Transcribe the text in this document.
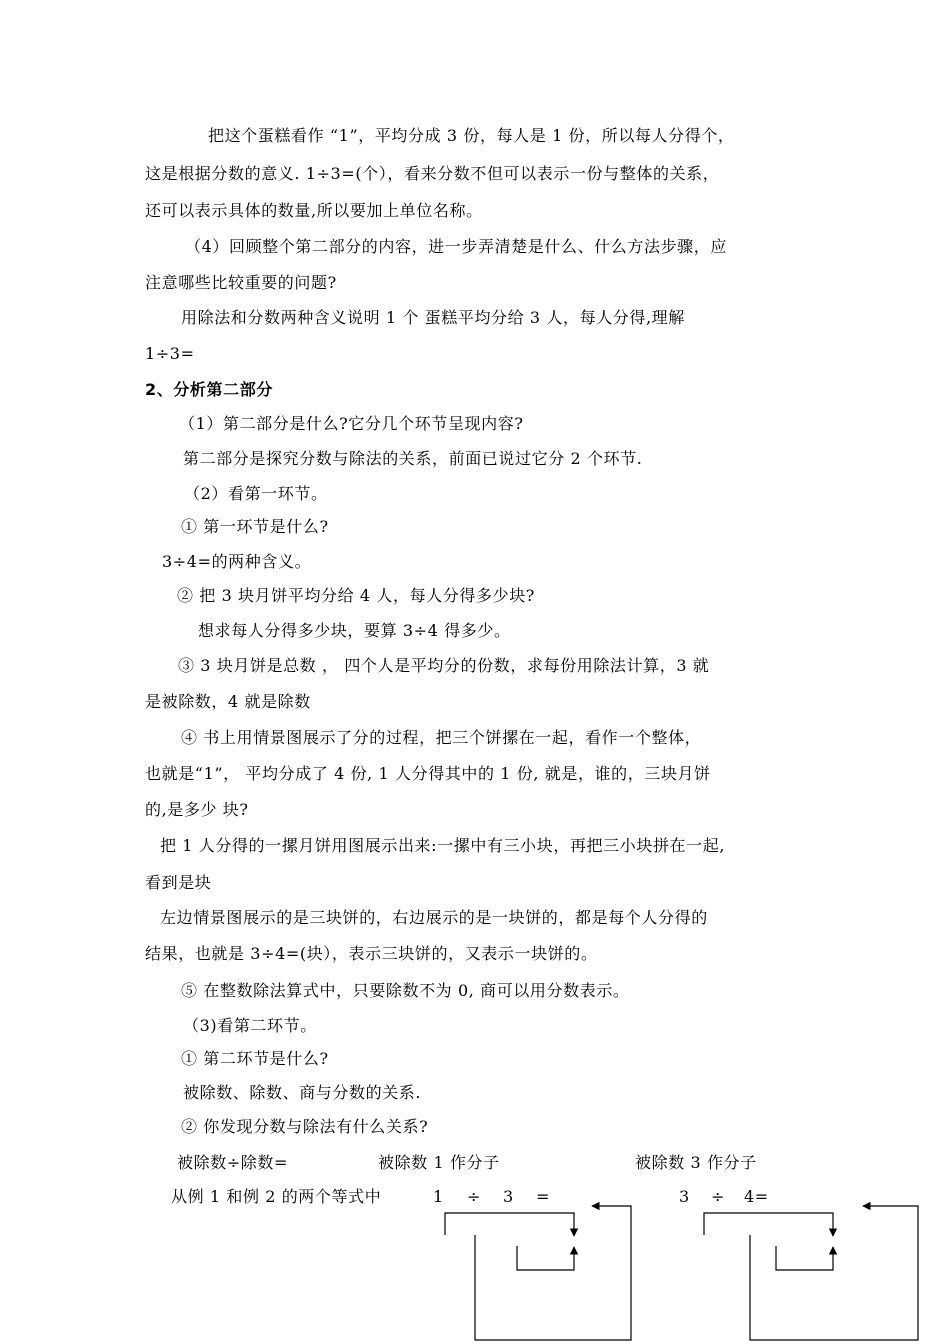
把这个蛋糕看作 “1”，平均分成 3 份，每人是 1 份，所以每人分得个，
这是根据分数的意义. 1÷3=(个），看来分数不但可以表示一份与整体的关系，
还可以表示具体的数量,所以要加上单位名称。
（4）回顾整个第二部分的内容，进一步弄清楚是什么、什么方法步骤，应
注意哪些比较重要的问题?
用除法和分数两种含义说明 1 个 蛋糕平均分给 3 人，每人分得,理解
1÷3=
2、分析第二部分
（1）第二部分是什么?它分几个环节呈现内容?
第二部分是探究分数与除法的关系，前面已说过它分 2 个环节.
（2）看第一环节。
① 第一环节是什么?
3÷4=的两种含义。
② 把 3 块月饼平均分给 4 人，每人分得多少块?
想求每人分得多少块，要算 3÷4 得多少。
③ 3 块月饼是总数 ， 四个人是平均分的份数，求每份用除法计算，3 就
是被除数，4 就是除数
④ 书上用情景图展示了分的过程，把三个饼摞在一起，看作一个整体，
也就是“1”， 平均分成了 4 份, 1 人分得其中的 1 份, 就是，谁的，三块月饼
的,是多少 块?
把 1 人分得的一摞月饼用图展示出来:一摞中有三小块，再把三小块拼在一起,
看到是块
左边情景图展示的是三块饼的，右边展示的是一块饼的，都是每个人分得的
结果，也就是 3÷4=(块），表示三块饼的，又表示一块饼的。
⑤ 在整数除法算式中，只要除数不为 0, 商可以用分数表示。
（3)看第二环节。
① 第二环节是什么?
被除数、除数、商与分数的关系.
② 你发现分数与除法有什么关系?
被除数÷除数=	被除数 1 作分子	被除数 3 作分子
从例 1 和例 2 的两个等式中	1 ÷ 3 =	3 ÷ 4=
